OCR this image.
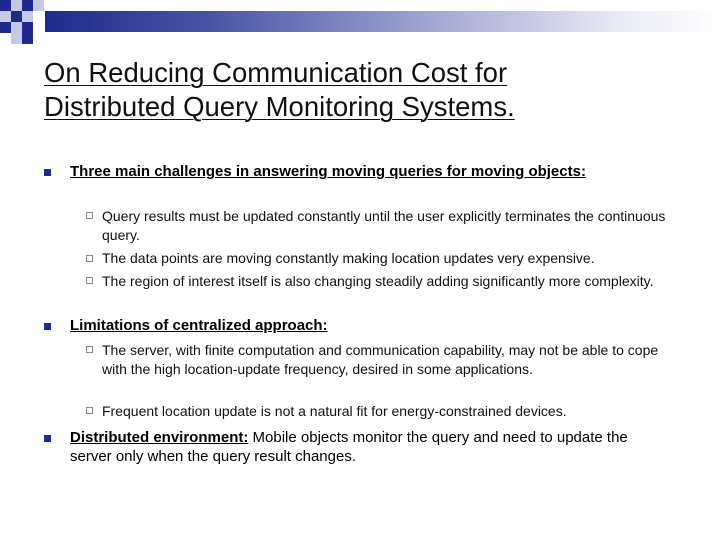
On Reducing Communication Cost for
Distributed Query Monitoring Systems.
Three main challenges in answering moving queries for moving objects:
Query results must be updated constantly until the user explicitly terminates the continuous query.
The data points are moving constantly making location updates very expensive.
The region of interest itself is also changing steadily adding significantly more complexity.
Limitations of centralized approach:
The server, with finite computation and communication capability, may not be able to cope with the high location-update frequency, desired in some applications.
Frequent location update is not a natural fit for energy-constrained devices.
Distributed environment: Mobile objects monitor the query and need to update the server only when the query result changes.
